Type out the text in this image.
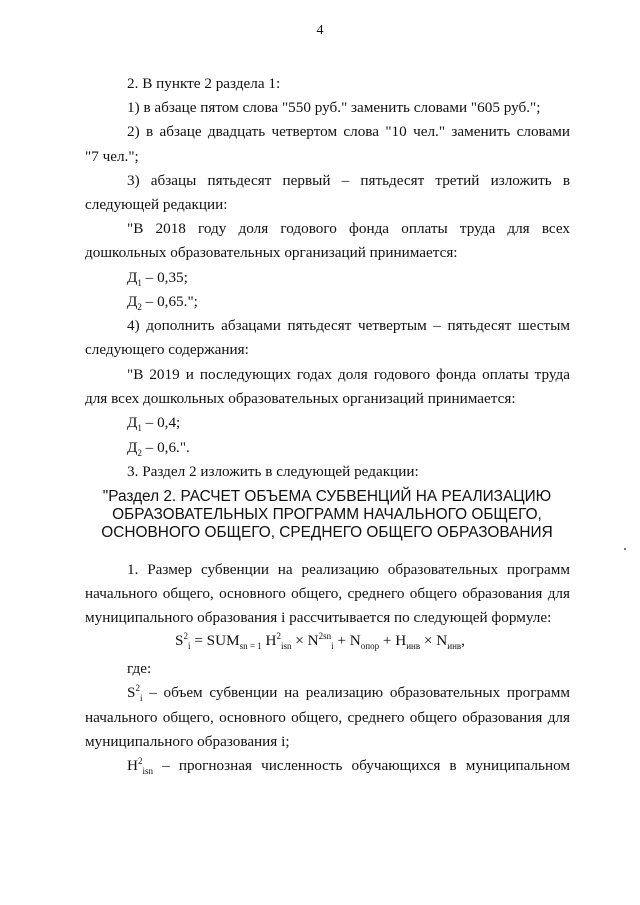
4
2. В пункте 2 раздела 1:
1) в абзаце пятом слова "550 руб." заменить словами "605 руб.";
2) в абзаце двадцать четвертом слова "10 чел." заменить словами
"7 чел.";
3) абзацы пятьдесят первый – пятьдесят третий изложить в
следующей редакции:
"В 2018 году доля годового фонда оплаты труда для всех
дошкольных образовательных организаций принимается:
$Д_1 - 0,35$;
$Д_2 - 0,65$.";
4) дополнить абзацами пятьдесят четвертым – пятьдесят шестым
следующего содержания:
"В 2019 и последующих годах доля годового фонда оплаты труда
для всех дошкольных образовательных организаций принимается:
$Д_1 - 0,4$;
$Д_2 - 0,6$.".
3. Раздел 2 изложить в следующей редакции:
"Раздел 2. РАСЧЕТ ОБЪЕМА СУБВЕНЦИЙ НА РЕАЛИЗАЦИЮ
ОБРАЗОВАТЕЛЬНЫХ ПРОГРАММ НАЧАЛЬНОГО ОБЩЕГО,
ОСНОВНОГО ОБЩЕГО, СРЕДНЕГО ОБЩЕГО ОБРАЗОВАНИЯ
1. Размер субвенции на реализацию образовательных программ
начального общего, основного общего, среднего общего образования для
муниципального образования i рассчитывается по следующей формуле:
$S^2_i = SUM_{sn = 1}$ $H^2_{isn} \times N^{2sn}_i + N_{опор} + H_{инв} \times N_{инв}$,
где:
$S^2_i$ – объем субвенции на реализацию образовательных программ
начального общего, основного общего, среднего общего образования для
муниципального образования i;
$H^2_{isn}$ – прогнозная численность обучающихся в муниципальном
